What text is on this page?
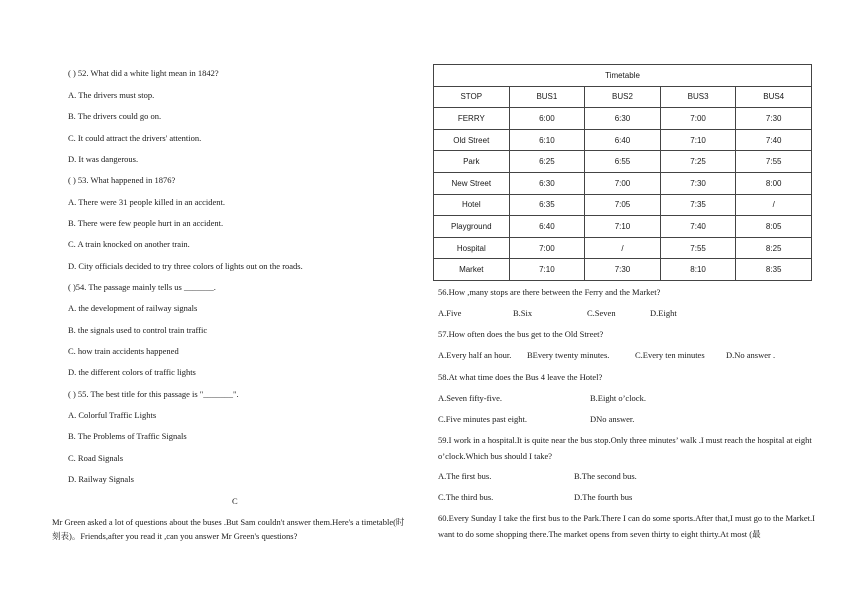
( ) 52. What did a white light mean in 1842?
A. The drivers must stop.
B. The drivers could go on.
C. It could attract the drivers' attention.
D. It was dangerous.
( ) 53. What happened in 1876?
A. There were 31 people killed in an accident.
B. There were few people hurt in an accident.
C. A train knocked on another train.
D. City officials decided to try three colors of lights out on the roads.
( )54. The passage mainly tells us _______.
A. the development of railway signals
B. the signals used to control train traffic
C. how train accidents happened
D. the different colors of traffic lights
( ) 55. The best title for this passage is "_______".
A. Colorful Traffic Lights
B. The Problems of Traffic Signals
C. Road Signals
D. Railway Signals
C
Mr Green asked a lot of questions about the buses .But Sam couldn't answer them.Here's a timetable(时刻表)。Friends,after you read it ,can you answer Mr Green's questions?
Timetable				
STOP	BUS1	BUS2	BUS3	BUS4
FERRY	6:00	6:30	7:00	7:30
Old Street	6:10	6:40	7:10	7:40
Park	6:25	6:55	7:25	7:55
New Street	6:30	7:00	7:30	8:00
Hotel	6:35	7:05	7:35	/
Playground	6:40	7:10	7:40	8:05
Hospital	7:00	/	7:55	8:25
Market	7:10	7:30	8:10	8:35
56.How ,many stops are there between the Ferry and the Market?
A.Five	B.Six	C.Seven	D.Eight
57.How often does the bus get to the Old Street?
A.Every half an hour. BEvery twenty minutes.	C.Every ten minutes	D.No answer .
58.At what time does the Bus 4 leave the Hotel?
A.Seven fifty-five.	B.Eight o’clock.
C.Five minutes past eight.	DNo answer.
59.I work in a hospital.It is quite near the bus stop.Only three minutes’ walk .I must reach the hospital at eight o’clock.Which bus should I take?
A.The first bus.	B.The second bus.
C.The third bus.	D.The fourth bus
60.Every Sunday I take the first bus to the Park.There I can do some sports.After that,I must go to the Market.I want to do some shopping there.The market opens from seven thirty to eight thirty.At most (最
